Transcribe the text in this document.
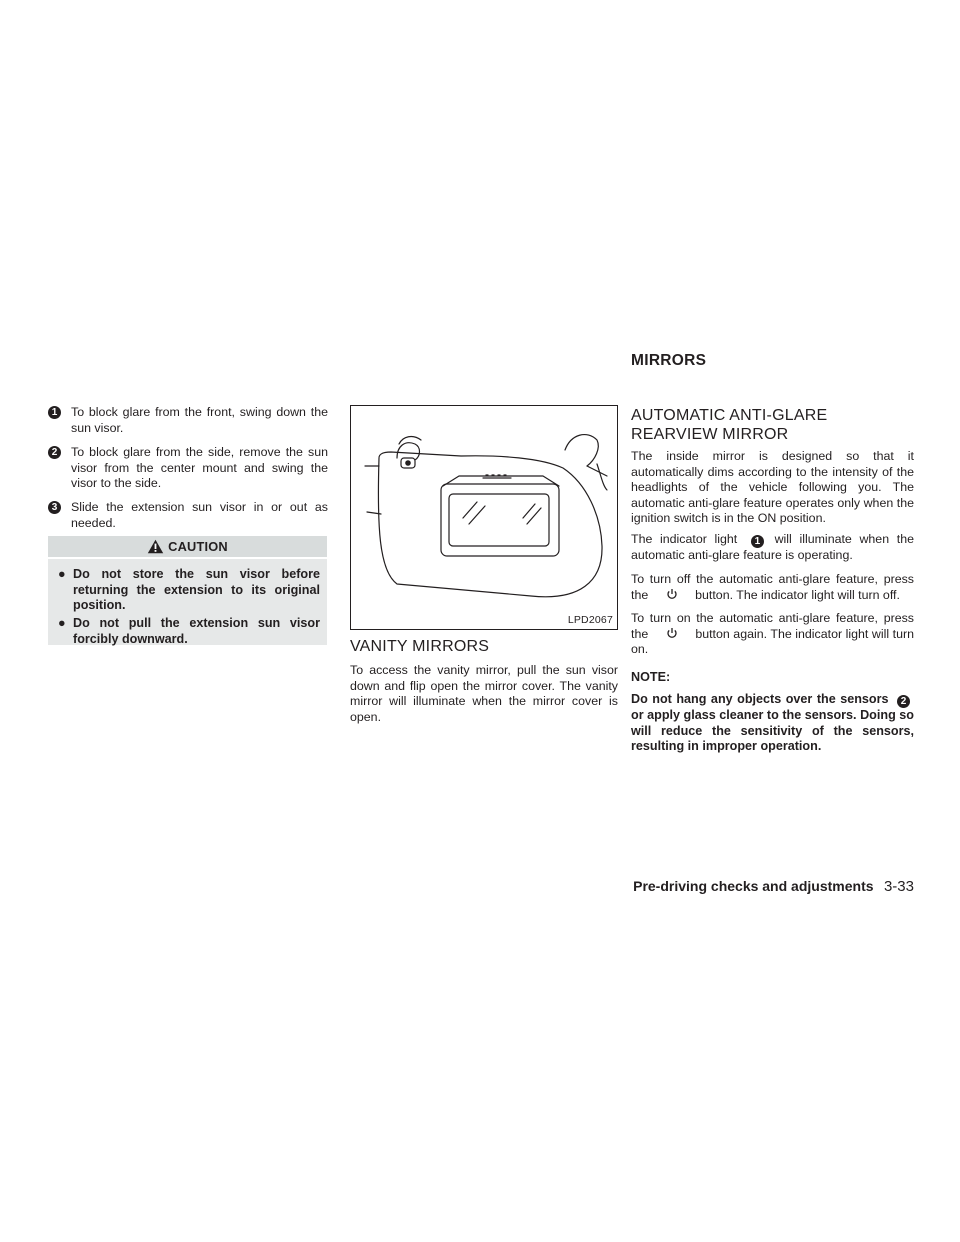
MIRRORS
1 To block glare from the front, swing down the sun visor.
2 To block glare from the side, remove the sun visor from the center mount and swing the visor to the side.
3 Slide the extension sun visor in or out as needed.
CAUTION
● Do not store the sun visor before returning the extension to its original position.
● Do not pull the extension sun visor forcibly downward.
LPD2067
VANITY MIRRORS

To access the vanity mirror, pull the sun visor down and flip open the mirror cover. The vanity mirror will illuminate when the mirror cover is open.

AUTOMATIC ANTI-GLARE
REARVIEW MIRROR

The inside mirror is designed so that it automatically dims according to the intensity of the headlights of the vehicle following you. The automatic anti-glare feature operates only when the ignition switch is in the ON position.

The indicator light 1 will illuminate when the automatic anti-glare feature is operating.

To turn off the automatic anti-glare feature, press the	button. The indicator light will turn off.

To turn on the automatic anti-glare feature, press the	button again. The indicator light will turn on.

NOTE:

Do not hang any objects over the sensors 2 or apply glass cleaner to the sensors. Doing so will reduce the sensitivity of the sensors, resulting in improper operation.

Pre-driving checks and adjustments 3-33
